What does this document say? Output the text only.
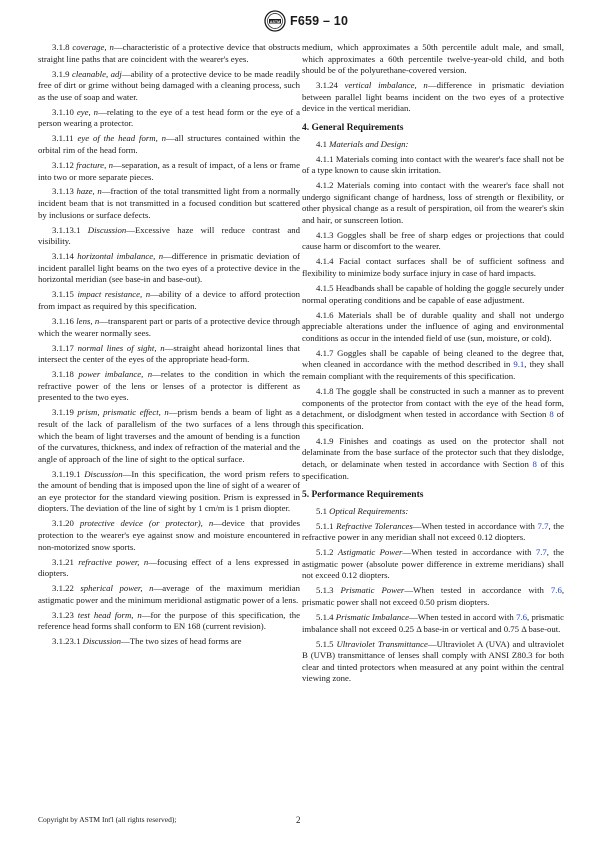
ASTM F659 – 10

3.1.8 coverage, n—characteristic of a protective device that obstructs straight line paths that are coincident with the wearer's eyes.

3.1.9 cleanable, adj—ability of a protective device to be made readily free of dirt or grime without being damaged with a cleaning process, such as the use of soap and water.

3.1.10 eye, n—relating to the eye of a test head form or the eye of a person wearing a protector.

3.1.11 eye of the head form, n—all structures contained within the orbital rim of the head form.

3.1.12 fracture, n—separation, as a result of impact, of a lens or frame into two or more separate pieces.

3.1.13 haze, n—fraction of the total transmitted light from a normally incident beam that is not transmitted in a focused condition but scattered by inclusions or surface defects.

3.1.13.1 Discussion—Excessive haze will reduce contrast and visibility.

3.1.14 horizontal imbalance, n—difference in prismatic deviation of incident parallel light beams on the two eyes of a protective device in the horizontal meridian (see base-in and base-out).

3.1.15 impact resistance, n—ability of a device to afford protection from impact as required by this specification.

3.1.16 lens, n—transparent part or parts of a protective device through which the wearer normally sees.

3.1.17 normal lines of sight, n—straight ahead horizontal lines that intersect the center of the eyes of the appropriate head-form.

3.1.18 power imbalance, n—relates to the condition in which the refractive power of the lens or lenses of a protector is different as presented to the two eyes.

3.1.19 prism, prismatic effect, n—prism bends a beam of light as a result of the lack of parallelism of the two surfaces of a lens through which the beam of light traverses and the amount of bending is a function of the curvatures, thickness, and index of refraction of the material and the angle of approach of the line of sight to the optical surface.

3.1.19.1 Discussion—In this specification, the word prism refers to the amount of bending that is imposed upon the line of sight of a wearer of an eye protector for the standard viewing position. Prism is expressed in diopters. The deviation of the line of sight by 1 cm/m is 1 prism diopter.

3.1.20 protective device (or protector), n—device that provides protection to the wearer's eye against snow and moisture encountered in non-motorized snow sports.

3.1.21 refractive power, n—focusing effect of a lens expressed in diopters.

3.1.22 spherical power, n—average of the maximum meridian astigmatic power and the minimum meridional astigmatic power of a lens.

3.1.23 test head form, n—for the purpose of this specification, the reference head forms shall conform to EN 168 (current revision).

3.1.23.1 Discussion—The two sizes of head forms are

medium, which approximates a 50th percentile adult male, and small, which approximates a 60th percentile twelve-year-old child, and both should be of the polyurethane-covered version.

3.1.24 vertical imbalance, n—difference in prismatic deviation between parallel light beams incident on the two eyes of a protective device in the vertical meridian.

4. General Requirements

4.1 Materials and Design:

4.1.1 Materials coming into contact with the wearer's face shall not be of a type known to cause skin irritation.

4.1.2 Materials coming into contact with the wearer's face shall not undergo significant change of hardness, loss of strength or flexibility, or other physical change as a result of perspiration, oil from the wearer's skin and hair, or sunscreen lotion.

4.1.3 Goggles shall be free of sharp edges or projections that could cause harm or discomfort to the wearer.

4.1.4 Facial contact surfaces shall be of sufficient softness and flexibility to minimize body surface injury in case of hard impacts.

4.1.5 Headbands shall be capable of holding the goggle securely under normal operating conditions and be capable of ease adjustment.

4.1.6 Materials shall be of durable quality and shall not undergo appreciable alterations under the influence of aging and environmental conditions as occur in the intended field of use (sun, moisture, or cold).

4.1.7 Goggles shall be capable of being cleaned to the degree that, when cleaned in accordance with the method described in 9.1, they shall remain compliant with the requirements of this specification.

4.1.8 The goggle shall be constructed in such a manner as to prevent components of the protector from contact with the eye of the head form, detachment, or dislodgment when tested in accordance with Section 8 of this specification.

4.1.9 Finishes and coatings as used on the protector shall not delaminate from the base surface of the protector such that they dislodge, detach, or delaminate when tested in accordance with Section 8 of this specification.

5. Performance Requirements

5.1 Optical Requirements:

5.1.1 Refractive Tolerances—When tested in accordance with 7.7, the refractive power in any meridian shall not exceed 0.12 diopters.

5.1.2 Astigmatic Power—When tested in accordance with 7.7, the astigmatic power (absolute power difference in extreme meridians) shall not exceed 0.12 diopters.

5.1.3 Prismatic Power—When tested in accordance with 7.6, prismatic power shall not exceed 0.50 prism diopters.

5.1.4 Prismatic Imbalance—When tested in accord with 7.6, prismatic imbalance shall not exceed 0.25 Δ base-in or vertical and 0.75 Δ base-out.

5.1.5 Ultraviolet Transmittance—Ultraviolet A (UVA) and ultraviolet B (UVB) transmittance of lenses shall comply with ANSI Z80.3 for both clear and tinted protectors when measured at any point within the central viewing zone.

Copyright by ASTM Int'l (all rights reserved);	2
